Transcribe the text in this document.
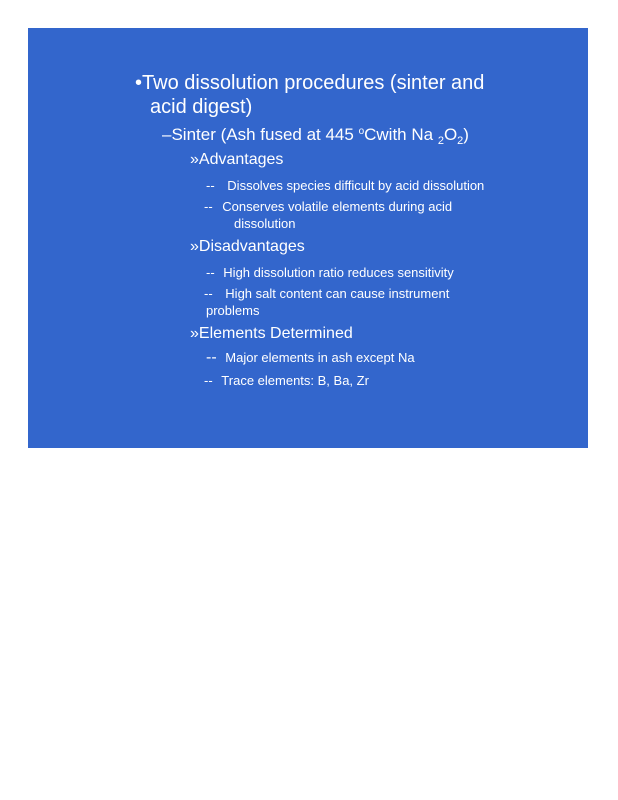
•Two dissolution procedures (sinter and
acid digest)
–Sinter (Ash fused at 445 $^o$Cwith Na $_2O_2$)
»Advantages
-- Dissolves species difficult by acid dissolution
-- Conserves volatile elements during acid
dissolution
»Disadvantages
-- High dissolution ratio reduces sensitivity
-- High salt content can cause instrument
problems
»Elements Determined
-- Major elements in ash except Na
-- Trace elements: B, Ba, Zr
